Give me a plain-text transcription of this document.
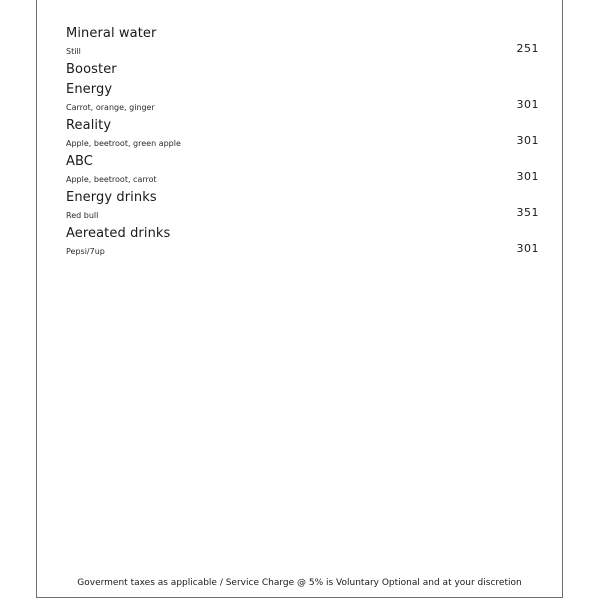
Mineral water
Still	251
Booster
Energy
Carrot, orange, ginger	301
Reality
Apple, beetroot, green apple	301
ABC
Apple, beetroot, carrot	301
Energy drinks
Red bull	351
Aereated drinks
Pepsi/7up	301
Goverment taxes as applicable / Service Charge @ 5% is Voluntary Optional and at your discretion
